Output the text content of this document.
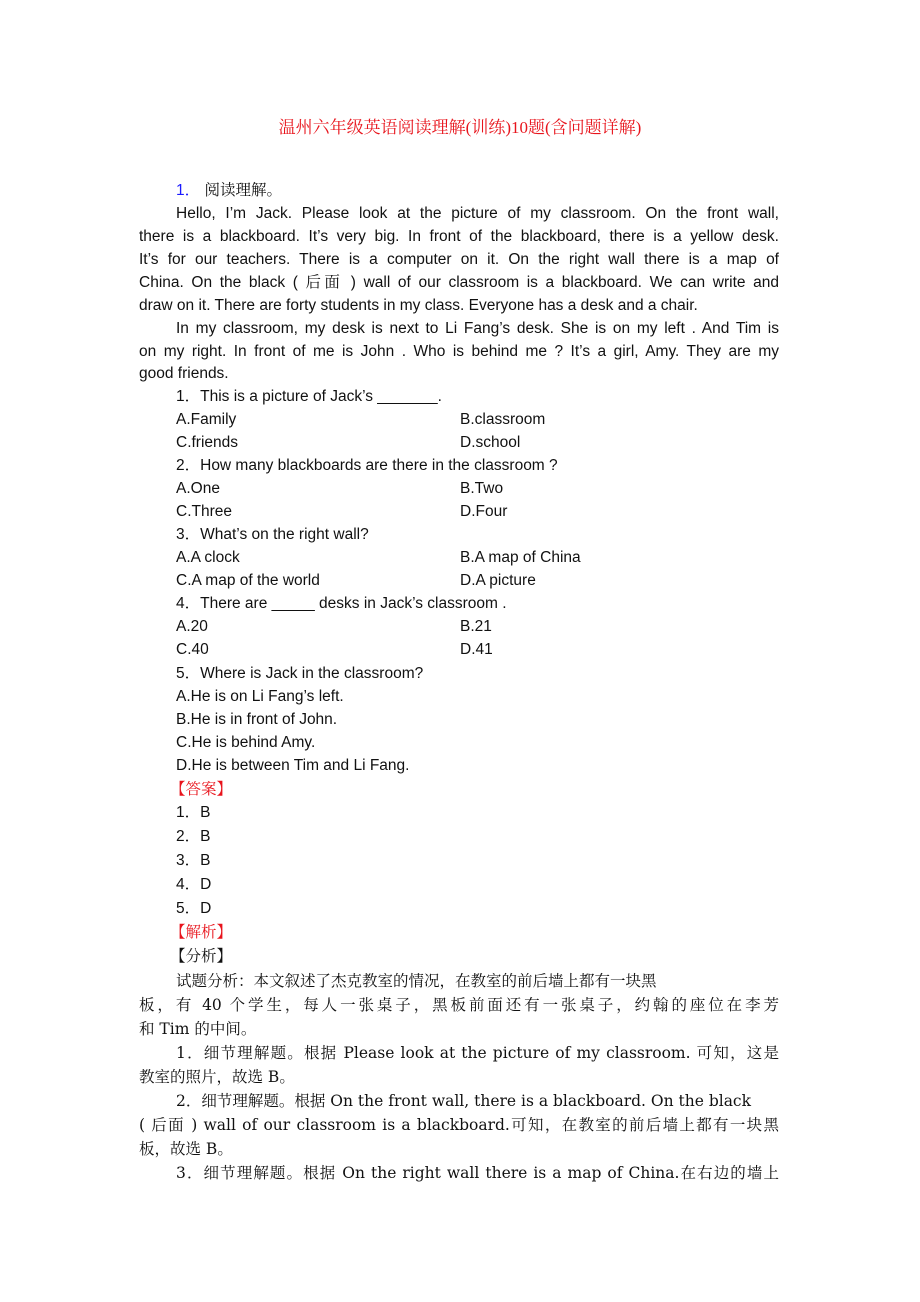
温州六年级英语阅读理解(训练)10题(含问题详解)
1． 阅读理解。
Hello, I’m Jack. Please look at the picture of my classroom. On the front wall,
there is a blackboard. It’s very big. In front of the blackboard, there is a yellow desk.
It’s for our teachers. There is a computer on it. On the right wall there is a map of
China. On the black ( 后面 ) wall of our classroom is a blackboard. We can write and
draw on it. There are forty students in my class. Everyone has a desk and a chair.
In my classroom, my desk is next to Li Fang’s desk. She is on my left . And Tim is
on my right. In front of me is John . Who is behind me ? It’s a girl, Amy. They are my
good friends.
1．This is a picture of Jack’s _______.
A.Family	B.classroom
C.friends	D.school
2．How many blackboards are there in the classroom ?
A.One	B.Two
C.Three	D.Four
3．What’s on the right wall?
A.A clock	B.A map of China
C.A map of the world	D.A picture
4．There are _____ desks in Jack’s classroom .
A.20	B.21
C.40	D.41
5．Where is Jack in the classroom?
A.He is on Li Fang’s left.
B.He is in front of John.
C.He is behind Amy.
D.He is between Tim and Li Fang.
【答案】
1．B
2．B
3．B
4．D
5．D
【解析】
【分析】
试题分析：本文叙述了杰克教室的情况，在教室的前后墙上都有一块黑
板，有 40 个学生，每人一张桌子，黑板前面还有一张桌子，约翰的座位在李芳
和 Tim 的中间。
1．细节理解题。根据 Please look at the picture of my classroom. 可知，这是
教室的照片，故选 B。
2．细节理解题。根据 On the front wall, there is a blackboard. On the black
( 后面 ) wall of our classroom is a blackboard.可知，在教室的前后墙上都有一块黑
板，故选 B。
3．细节理解题。根据 On the right wall there is a map of China.在右边的墙上
